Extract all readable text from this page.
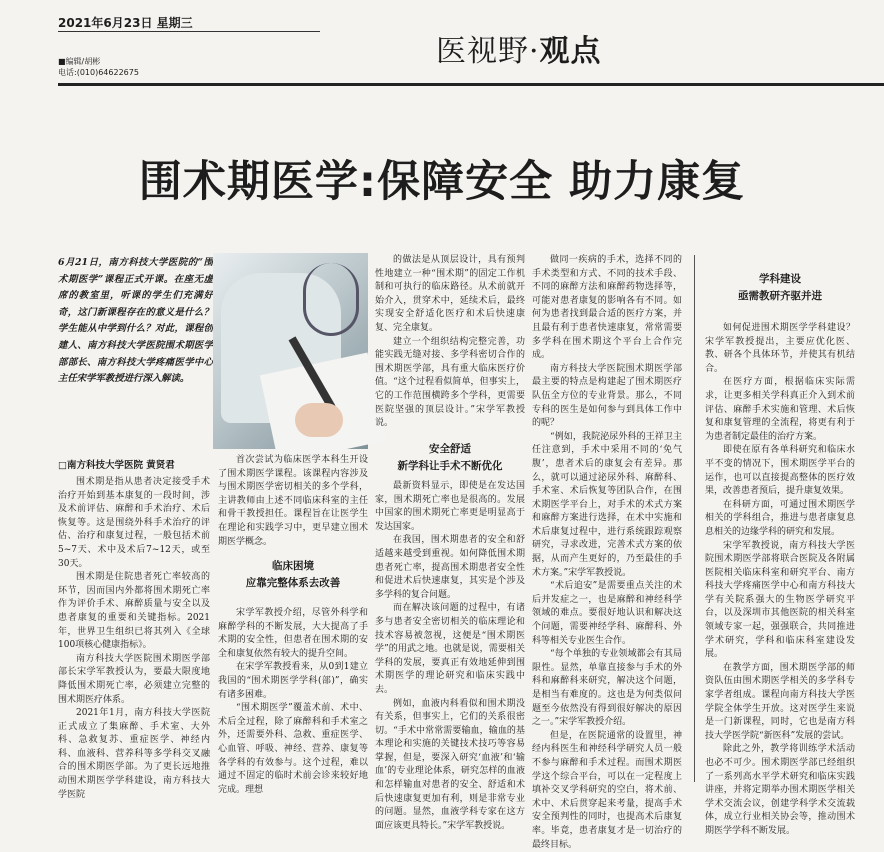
2021年6月23日 星期三
■编辑/胡彬
电话:(010)64622675
医视野·观点
围术期医学:保障安全 助力康复
6月21日，南方科技大学医院的“围术期医学”课程正式开课。在座无虚席的教室里，听课的学生们充满好奇，这门新课程存在的意义是什么？学生能从中学到什么？对此，课程创建人、南方科技大学医院围术期医学部部长、南方科技大学疼痛医学中心主任宋学军教授进行深入解读。
□南方科技大学医院 黄贤君

围术期是指从患者决定接受手术治疗开始到基本康复的一段时间，涉及术前评估、麻醉和手术治疗、术后恢复等。这是围绕外科手术治疗的评估、治疗和康复过程，一般包括术前5~7天、术中及术后7~12天，或至30天。

围术期是住院患者死亡率较高的环节，因而国内外都将围术期死亡率作为评价手术、麻醉质量与安全以及患者康复的重要和关键指标。2021年，世界卫生组织已将其列入《全球100项核心健康指标》。

南方科技大学医院围术期医学部部长宋学军教授认为，要最大限度地降低围术期死亡率，必须建立完整的围术期医疗体系。

2021年1月，南方科技大学医院正式成立了集麻醉、手术室、大外科、急救复苏、重症医学、神经内科、血液科、营养科等多学科交叉融合的围术期医学部。为了更长远地推动围术期医学学科建设，南方科技大学医院

首次尝试为临床医学本科生开设了围术期医学课程。该课程内容涉及与围术期医学密切相关的多个学科，主讲教师由上述不同临床科室的主任和骨干教授担任。课程旨在让医学生在理论和实践学习中，更早建立围术期医学概念。

临床困境
应靠完整体系去改善

宋学军教授介绍，尽管外科学和麻醉学科的不断发展，大大提高了手术期的安全性，但患者在围术期的安全和康复依然有较大的提升空间。

在宋学军教授看来，从0到1建立我国的“围术期医学学科(部)”，确实有诸多困难。

“围术期医学”覆盖术前、术中、术后全过程，除了麻醉科和手术室之外，还需要外科、急救、重症医学、心血管、呼吸、神经、营养、康复等各学科的有效参与。这个过程，难以通过不固定的临时术前会诊来较好地完成。理想

的做法是从顶层设计，具有预判性地建立一种“围术期”的固定工作机制和可执行的临床路径。从术前就开始介入，贯穿术中，延续术后，最终实现安全舒适化医疗和术后快速康复、完全康复。

建立一个组织结构完整完善，功能实践无缝对接、多学科密切合作的围术期医学部，具有重大临床医疗价值。“这个过程看似简单，但事实上，它的工作范围横跨多个学科，更需要医院坚强的顶层设计。”宋学军教授说。

安全舒适
新学科让手术不断优化

最新资料显示，即使是在发达国家，围术期死亡率也是很高的。发展中国家的围术期死亡率更是明显高于发达国家。

在我国，围术期患者的安全和舒适越来越受到重视。如何降低围术期患者死亡率，提高围术期患者安全性和促进术后快速康复，其实是个涉及多学科的复合问题。

而在解决该问题的过程中，有诸多与患者安全密切相关的临床理论和技术容易被忽视，这便是“围术期医学”的用武之地。也就是说，需要相关学科的发展，要真正有效地延伸到围术期医学的理论研究和临床实践中去。

例如，血液内科看似和围术期没有关系，但事实上，它们的关系很密切。“手术中常常需要输血，输血的基本理论和实施的关键技术技巧等容易掌握，但是，要深入研究‘血液’和‘输血’的专业理论体系，研究怎样的血液和怎样输血对患者的安全、舒适和术后快速康复更加有利，则是非常专业的问题。显然，血液学科专家在这方面应该更具特长。”宋学军教授说。

做同一疾病的手术，选择不同的手术类型和方式、不同的技术手段、不同的麻醉方法和麻醉药物选择等，可能对患者康复的影响各有不同。如何为患者找到最合适的医疗方案，并且最有利于患者快速康复，常常需要多学科在围术期这个平台上合作完成。

南方科技大学医院围术期医学部最主要的特点是构建起了围术期医疗队伍全方位的专业背景。那么，不同专科的医生是如何参与到具体工作中的呢？

“例如，我院泌尿外科的王祥卫主任注意到，手术中采用不同的‘免气腹’，患者术后的康复会有差异。那么，就可以通过泌尿外科、麻醉科、手术室、术后恢复等团队合作，在围术期医学平台上，对手术的术式方案和麻醉方案进行选择，在术中实施和术后康复过程中，进行系统跟踪观察研究，寻求改进，完善术式方案的依据，从而产生更好的，乃至最佳的手术方案。”宋学军教授说。

“术后追安”是需要重点关注的术后并发症之一，也是麻醉和神经科学领域的难点。要很好地认识和解决这个问题，需要神经学科、麻醉科、外科等相关专业医生合作。

“每个单独的专业领域都会有其局限性。显然，单靠直接参与手术的外科和麻醉科来研究，解决这个问题，是相当有难度的。这也是为何类似问题至今依然没有得到很好解决的原因之一。”宋学军教授介绍。

但是，在医院通常的设置里，神经内科医生和神经科学研究人员一般不参与麻醉和手术过程。而围术期医学这个综合平台，可以在一定程度上填补交叉学科研究的空白，将术前、术中、术后贯穿起来考量，提高手术安全预判性的同时，也提高术后康复率。毕竟，患者康复才是一切治疗的最终目标。

学科建设
亟需教研齐驱并进

如何促进围术期医学学科建设？宋学军教授提出，主要应优化医、教、研各个具体环节，并使其有机结合。

在医疗方面，根据临床实际需求，让更多相关学科真正介入到术前评估、麻醉手术实施和管理、术后恢复和康复管理的全流程，将更有利于为患者制定最佳的治疗方案。

即使在原有各单科研究和临床水平不变的情况下，围术期医学平台的运作，也可以直接提高整体的医疗效果，改善患者预后，提升康复效果。

在科研方面，可通过围术期医学相关的学科组合，推进与患者康复息息相关的边缘学科的研究和发展。

宋学军教授说，南方科技大学医院围术期医学部将联合医院及各附属医院相关临床科室和研究平台、南方科技大学疼痛医学中心和南方科技大学有关院系强大的生物医学研究平台，以及深圳市其他医院的相关科室领域专家一起，强强联合，共同推进学术研究，学科和临床科室建设发展。

在教学方面，围术期医学部的师资队伍由围术期医学相关的多学科专家学者组成。课程向南方科技大学医学院全体学生开放。这对医学生来说是一门新课程，同时，它也是南方科技大学医学院“新医科”发展的尝试。

除此之外，教学将训练学术活动也必不可少。围术期医学部已经组织了一系列高水平学术研究和临床实践讲座，并将定期举办围术期医学相关学术交流会议，创建学科学术交流载体，成立行业相关协会等，推动围术期医学学科不断发展。
